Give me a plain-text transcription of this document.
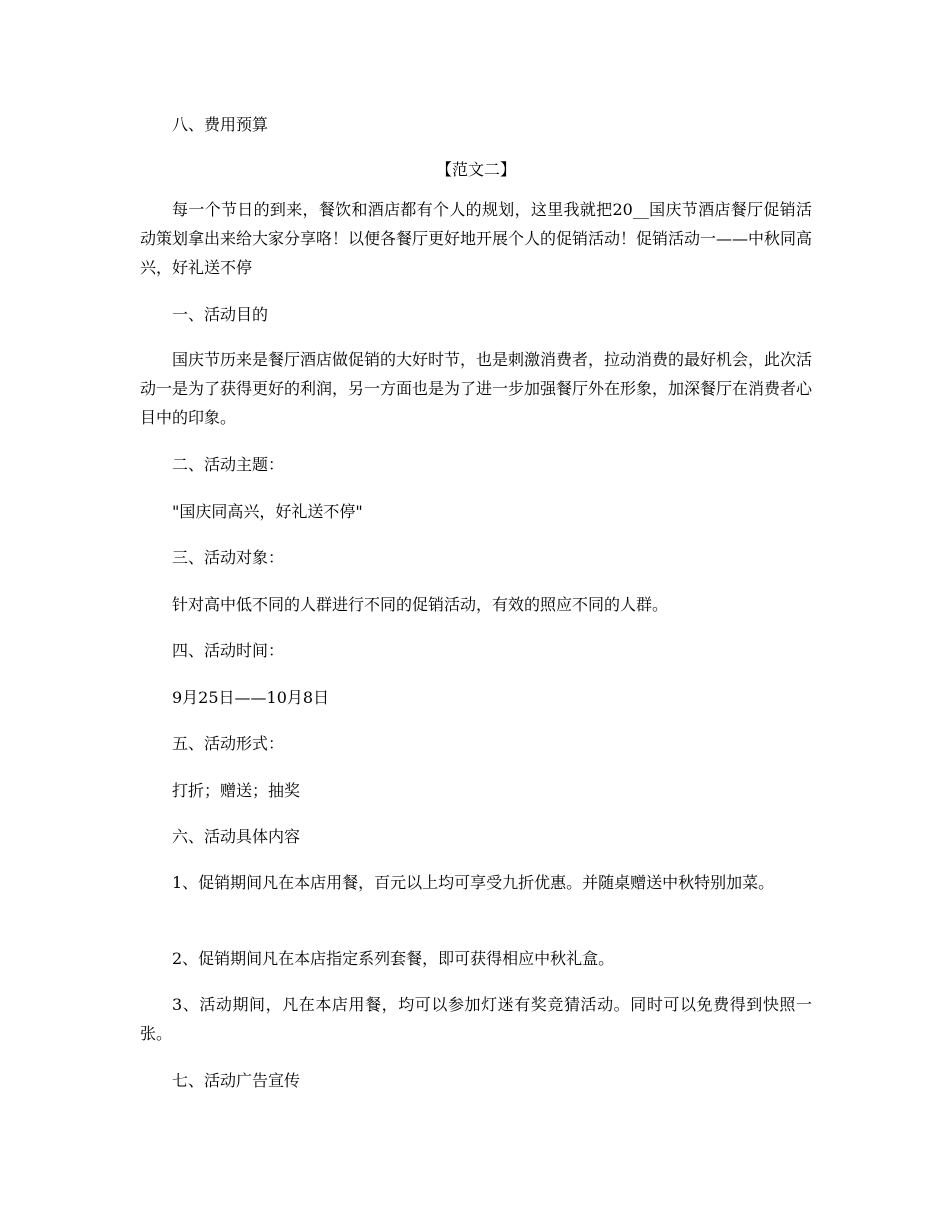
八、费用预算
【范文二】
每一个节日的到来，餐饮和酒店都有个人的规划，这里我就把20__国庆节酒店餐厅促销活动策划拿出来给大家分享咯！以便各餐厅更好地开展个人的促销活动！促销活动一——中秋同高兴，好礼送不停
一、活动目的
国庆节历来是餐厅酒店做促销的大好时节，也是刺激消费者，拉动消费的最好机会，此次活动一是为了获得更好的利润，另一方面也是为了进一步加强餐厅外在形象，加深餐厅在消费者心目中的印象。
二、活动主题：
"国庆同高兴，好礼送不停"
三、活动对象：
针对高中低不同的人群进行不同的促销活动，有效的照应不同的人群。
四、活动时间：
9月25日——10月8日
五、活动形式：
打折；赠送；抽奖
六、活动具体内容
1、促销期间凡在本店用餐，百元以上均可享受九折优惠。并随桌赠送中秋特别加菜。
2、促销期间凡在本店指定系列套餐，即可获得相应中秋礼盒。
3、活动期间，凡在本店用餐，均可以参加灯迷有奖竞猜活动。同时可以免费得到快照一张。
七、活动广告宣传
